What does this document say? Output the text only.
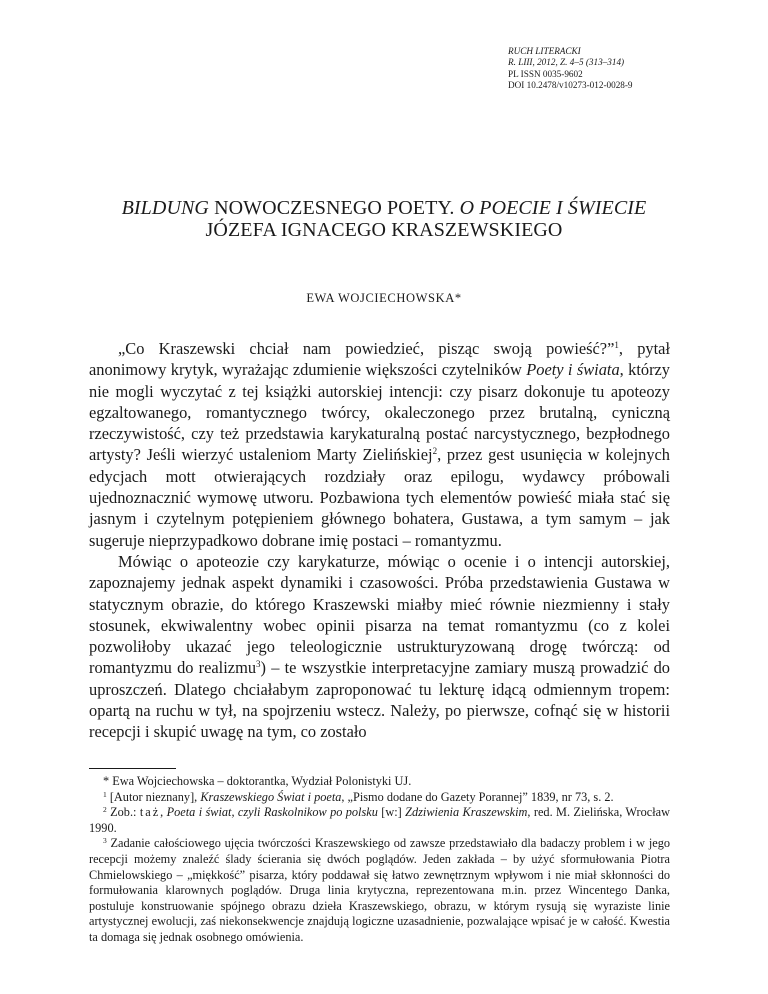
RUCH LITERACKI
R. LIII, 2012, Z. 4–5 (313–314)
PL ISSN 0035-9602
DOI 10.2478/v10273-012-0028-9
BILDUNG NOWOCZESNEGO POETY. O POECIE I ŚWIECIE
JÓZEFA IGNACEGO KRASZEWSKIEGO
EWA WOJCIECHOWSKA*

„Co Kraszewski chciał nam powiedzieć, pisząc swoją powieść?”$^1$, pytał anonimowy krytyk, wyrażając zdumienie większości czytelników Poety i świata, którzy nie mogli wyczytać z tej książki autorskiej intencji: czy pisarz dokonuje tu apoteozy egzaltowanego, romantycznego twórcy, okaleczonego przez brutalną, cyniczną rzeczywistość, czy też przedstawia karykaturalną postać narcystycznego, bezpłodnego artysty? Jeśli wierzyć ustaleniom Marty Zielińskiej$^2$, przez gest usunięcia w kolejnych edycjach mott otwierających rozdziały oraz epilogu, wydawcy próbowali ujednoznacznić wymowę utworu. Pozbawiona tych elementów powieść miała stać się jasnym i czytelnym potępieniem głównego bohatera, Gustawa, a tym samym – jak sugeruje nieprzypadkowo dobrane imię postaci – romantyzmu.

Mówiąc o apoteozie czy karykaturze, mówiąc o ocenie i o intencji autorskiej, zapoznajemy jednak aspekt dynamiki i czasowości. Próba przedstawienia Gustawa w statycznym obrazie, do którego Kraszewski miałby mieć równie niezmienny i stały stosunek, ekwiwalentny wobec opinii pisarza na temat romantyzmu (co z kolei pozwoliłoby ukazać jego teleologicznie ustrukturyzowaną drogę twórczą: od romantyzmu do realizmu$^3$) – te wszystkie interpretacyjne zamiary muszą prowadzić do uproszczeń. Dlatego chciałabym zaproponować tu lekturę idącą odmiennym tropem: opartą na ruchu w tył, na spojrzeniu wstecz. Należy, po pierwsze, cofnąć się w historii recepcji i skupić uwagę na tym, co zostało

* Ewa Wojciechowska – doktorantka, Wydział Polonistyki UJ.

$^1$ [Autor nieznany], Kraszewskiego Świat i poeta, „Pismo dodane do Gazety Porannej” 1839, nr 73, s. 2.

$^2$ Zob.: taż, Poeta i świat, czyli Raskolnikow po polsku [w:] Zdziwienia Kraszewskim, red. M. Zielińska, Wrocław 1990.

$^3$ Zadanie całościowego ujęcia twórczości Kraszewskiego od zawsze przedstawiało dla badaczy problem i w jego recepcji możemy znaleźć ślady ścierania się dwóch poglądów. Jeden zakłada – by użyć sformułowania Piotra Chmielowskiego – „miękkość” pisarza, który poddawał się łatwo zewnętrznym wpływom i nie miał skłonności do formułowania klarownych poglądów. Druga linia krytyczna, reprezentowana m.in. przez Wincentego Danka, postuluje konstruowanie spójnego obrazu dzieła Kraszewskiego, obrazu, w którym rysują się wyraziste linie artystycznej ewolucji, zaś niekonsekwencje znajdują logiczne uzasadnienie, pozwalające wpisać je w całość. Kwestia ta domaga się jednak osobnego omówienia.
